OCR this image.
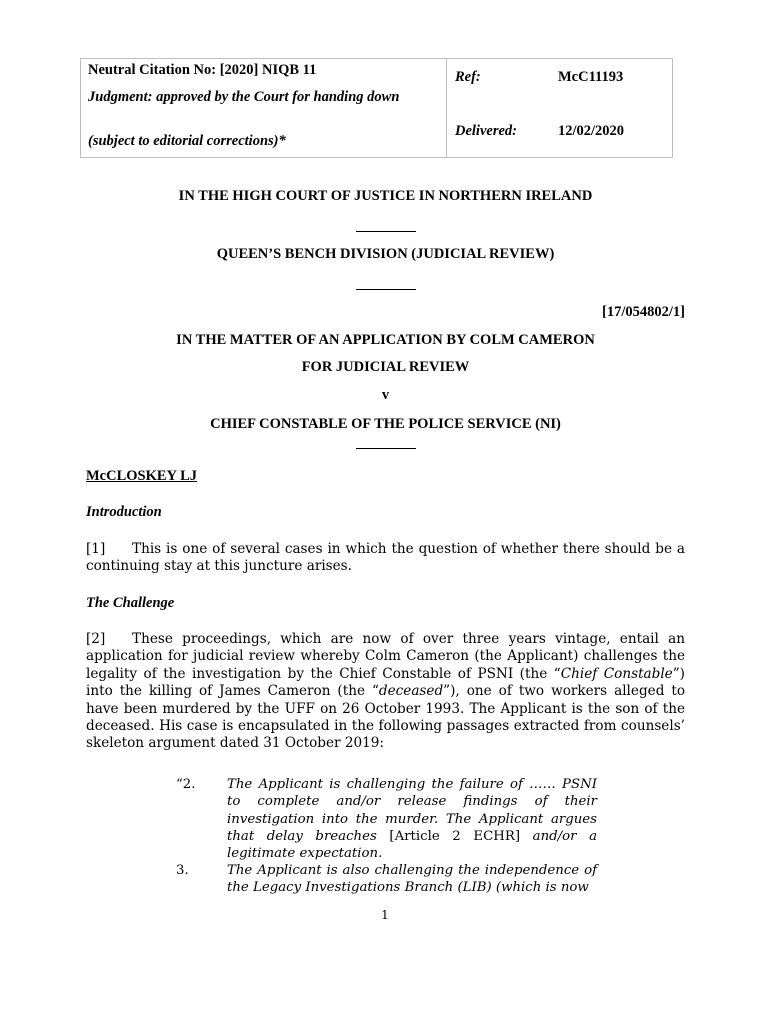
Neutral Citation No: [2020] NIQB 11
Judgment: approved by the Court for handing down
(subject to editorial corrections)*
Ref:	McC11193
Delivered:	12/02/2020
IN THE HIGH COURT OF JUSTICE IN NORTHERN IRELAND
QUEEN’S BENCH DIVISION (JUDICIAL REVIEW)
[17/054802/1]
IN THE MATTER OF AN APPLICATION BY COLM CAMERON
FOR JUDICIAL REVIEW
v
CHIEF CONSTABLE OF THE POLICE SERVICE (NI)
McCLOSKEY LJ
Introduction
[1] This is one of several cases in which the question of whether there should be a continuing stay at this juncture arises.
The Challenge
[2] These proceedings, which are now of over three years vintage, entail an application for judicial review whereby Colm Cameron (the Applicant) challenges the legality of the investigation by the Chief Constable of PSNI (the “Chief Constable”) into the killing of James Cameron (the “deceased”), one of two workers alleged to have been murdered by the UFF on 26 October 1993. The Applicant is the son of the deceased. His case is encapsulated in the following passages extracted from counsels’ skeleton argument dated 31 October 2019:
“2. The Applicant is challenging the failure of …… PSNI to complete and/or release findings of their investigation into the murder. The Applicant argues that delay breaches [Article 2 ECHR] and/or a legitimate expectation.
3.	The Applicant is also challenging the independence of the Legacy Investigations Branch (LIB) (which is now
1
